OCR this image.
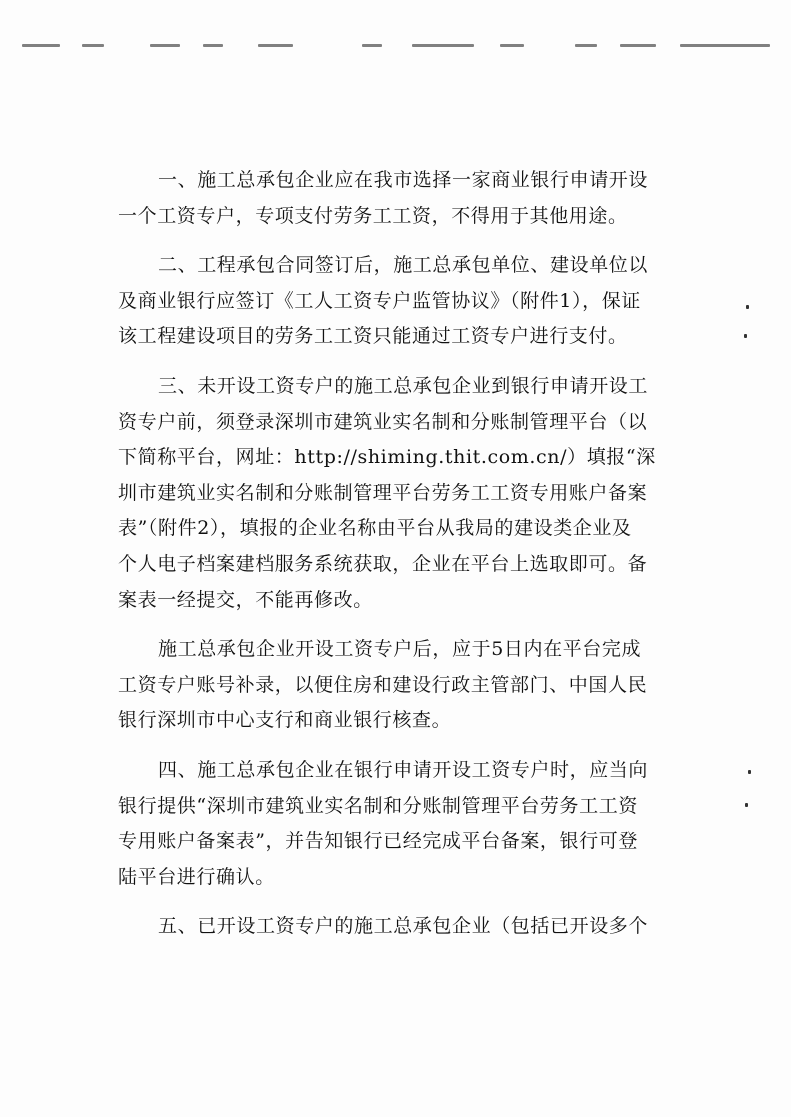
一、施工总承包企业应在我市选择一家商业银行申请开设
一个工资专户，专项支付劳务工工资，不得用于其他用途。
二、工程承包合同签订后，施工总承包单位、建设单位以
及商业银行应签订《工人工资专户监管协议》（附件1），保证
该工程建设项目的劳务工工资只能通过工资专户进行支付。
三、未开设工资专户的施工总承包企业到银行申请开设工
资专户前，须登录深圳市建筑业实名制和分账制管理平台（以
下简称平台，网址：http://shiming.thit.com.cn/）填报“深
圳市建筑业实名制和分账制管理平台劳务工工资专用账户备案
表”（附件2），填报的企业名称由平台从我局的建设类企业及
个人电子档案建档服务系统获取，企业在平台上选取即可。备
案表一经提交，不能再修改。
施工总承包企业开设工资专户后，应于5日内在平台完成
工资专户账号补录，以便住房和建设行政主管部门、中国人民
银行深圳市中心支行和商业银行核查。
四、施工总承包企业在银行申请开设工资专户时，应当向
银行提供“深圳市建筑业实名制和分账制管理平台劳务工工资
专用账户备案表”，并告知银行已经完成平台备案，银行可登
陆平台进行确认。
五、已开设工资专户的施工总承包企业（包括已开设多个
